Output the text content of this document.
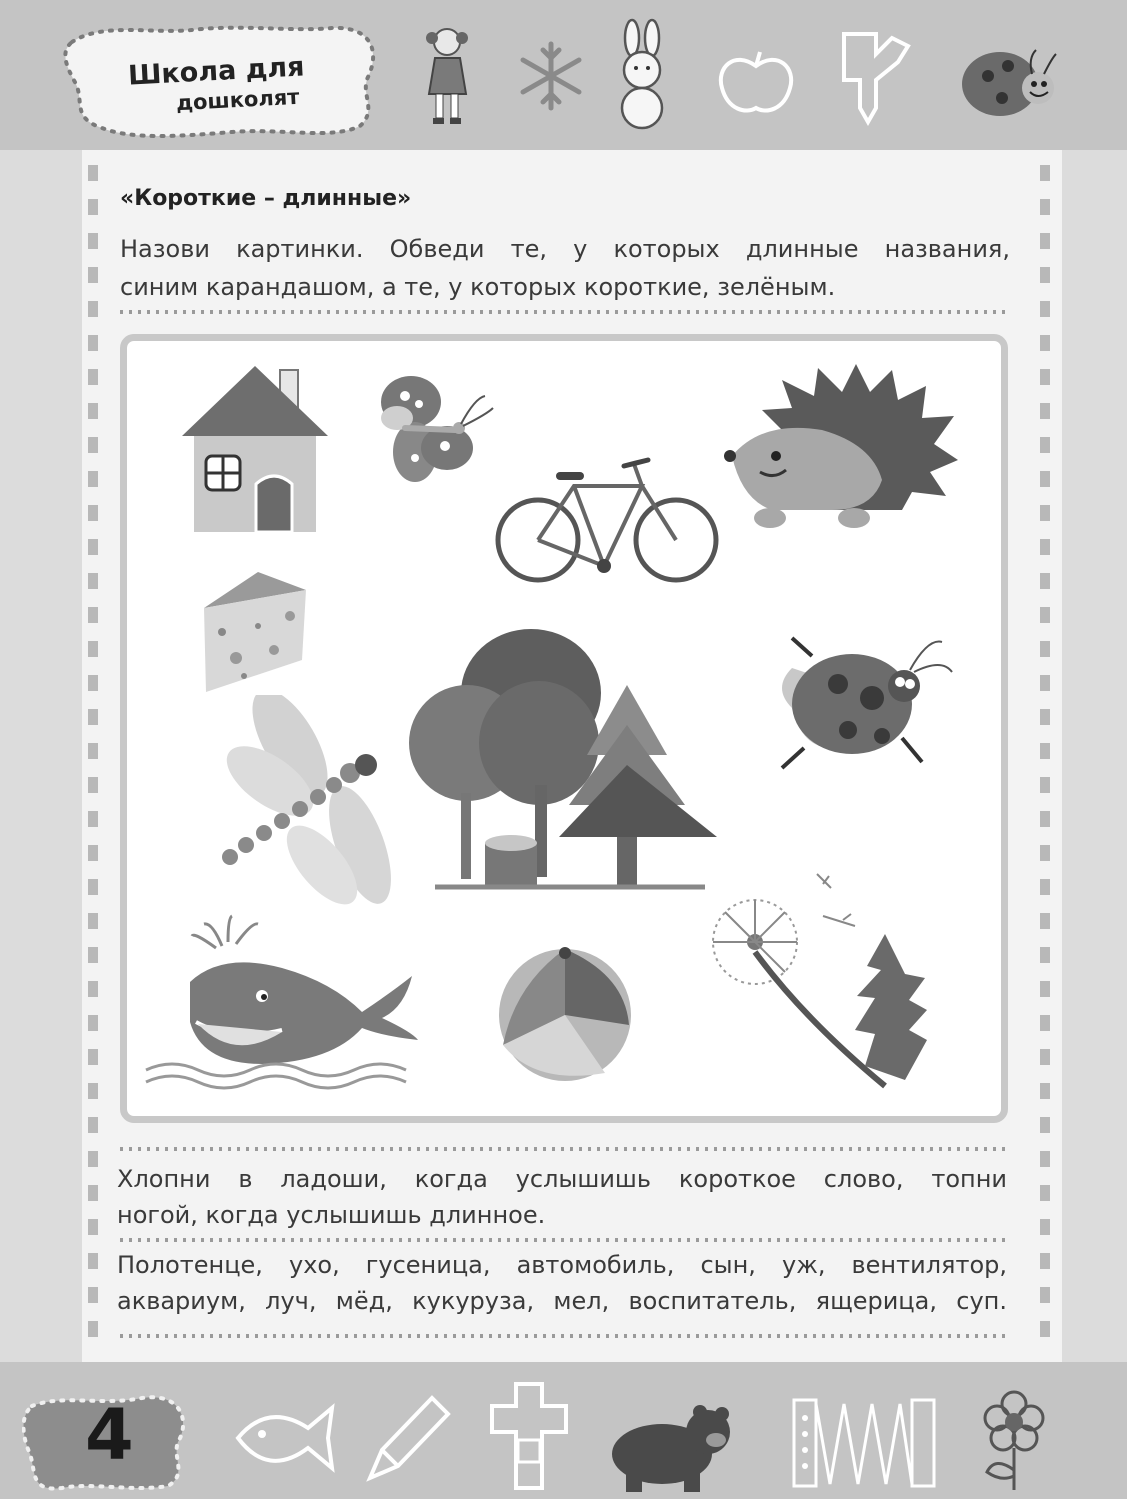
Школа для
дошколят
«Короткие – длинные»
Назови картинки. Обведи те, у которых длинные названия,
синим карандашом, а те, у которых короткие, зелёным.
Хлопни в ладоши, когда услышишь короткое слово, топни
ногой, когда услышишь длинное.
Полотенце, ухо, гусеница, автомобиль, сын, уж, вентилятор,
аквариум, луч, мёд, кукуруза, мел, воспитатель, ящерица, суп.
4
